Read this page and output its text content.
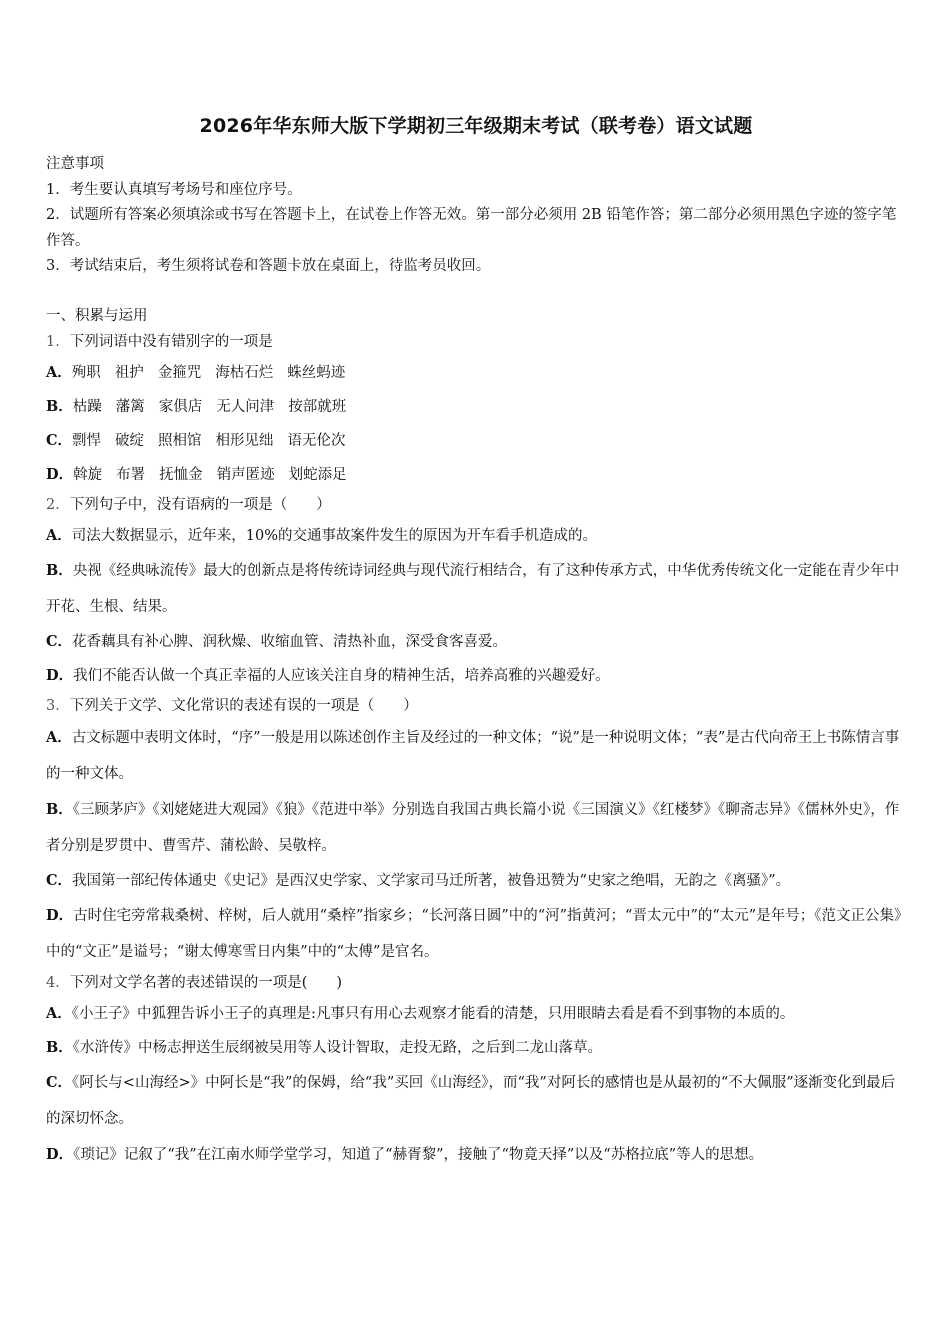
2026年华东师大版下学期初三年级期末考试（联考卷）语文试题

注意事项

1．考生要认真填写考场号和座位序号。

2．试题所有答案必须填涂或书写在答题卡上，在试卷上作答无效。第一部分必须用 2B 铅笔作答；第二部分必须用黑色字迹的签字笔作答。

3．考试结束后，考生须将试卷和答题卡放在桌面上，待监考员收回。

一、积累与运用

1．下列词语中没有错别字的一项是

A．殉职 祖护 金箍咒 海枯石烂 蛛丝蚂迹

B．枯躁 藩篱 家俱店 无人问津 按部就班

C．剽悍 破绽 照相馆 相形见绌 语无伦次

D．斡旋 布署 抚恤金 销声匿迹 划蛇添足

2．下列句子中，没有语病的一项是（　　）

A．司法大数据显示，近年来，10%的交通事故案件发生的原因为开车看手机造成的。

B．央视《经典咏流传》最大的创新点是将传统诗词经典与现代流行相结合，有了这种传承方式，中华优秀传统文化一定能在青少年中开花、生根、结果。

C．花香藕具有补心脾、润秋燥、收缩血管、清热补血，深受食客喜爱。

D．我们不能否认做一个真正幸福的人应该关注自身的精神生活，培养高雅的兴趣爱好。

3．下列关于文学、文化常识的表述有误的一项是（　　）

A．古文标题中表明文体时，“序”一般是用以陈述创作主旨及经过的一种文体；“说”是一种说明文体；“表”是古代向帝王上书陈情言事的一种文体。

B．《三顾茅庐》《刘姥姥进大观园》《狼》《范进中举》分别选自我国古典长篇小说《三国演义》《红楼梦》《聊斋志异》《儒林外史》，作者分别是罗贯中、曹雪芹、蒲松龄、吴敬梓。

C．我国第一部纪传体通史《史记》是西汉史学家、文学家司马迁所著，被鲁迅赞为“史家之绝唱，无韵之《离骚》”。

D．古时住宅旁常栽桑树、梓树，后人就用“桑梓”指家乡；“长河落日圆”中的“河”指黄河；“晋太元中”的“太元”是年号；《范文正公集》中的“文正”是谥号；“谢太傅寒雪日内集”中的“太傅”是官名。

4．下列对文学名著的表述错误的一项是(　　)

A．《小王子》中狐狸告诉小王子的真理是:凡事只有用心去观察才能看的清楚，只用眼睛去看是看不到事物的本质的。

B．《水浒传》中杨志押送生辰纲被吴用等人设计智取，走投无路，之后到二龙山落草。

C．《阿长与<山海经>》中阿长是“我”的保姆，给“我”买回《山海经》，而“我”对阿长的感情也是从最初的“不大佩服”逐渐变化到最后的深切怀念。

D．《琐记》记叙了“我”在江南水师学堂学习，知道了“赫胥黎”，接触了“物竟天择”以及“苏格拉底”等人的思想。
